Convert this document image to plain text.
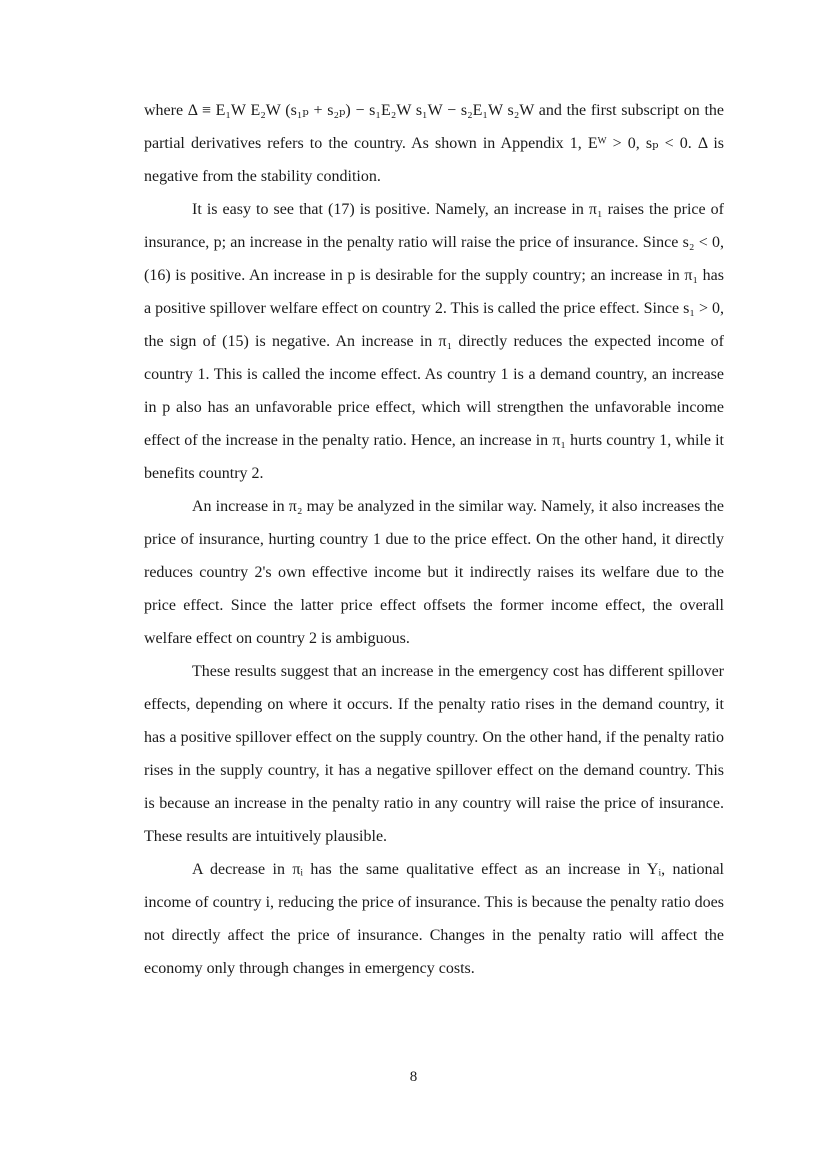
where Δ ≡ E₁W E₂W (s₁ₚ + s₂ₚ) − s₁E₂W s₁W − s₂E₁W s₂W and the first subscript on the partial derivatives refers to the country. As shown in Appendix 1, Eᵂ > 0, sₚ < 0. Δ is negative from the stability condition.

It is easy to see that (17) is positive. Namely, an increase in π₁ raises the price of insurance, p; an increase in the penalty ratio will raise the price of insurance. Since s₂ < 0, (16) is positive. An increase in p is desirable for the supply country; an increase in π₁ has a positive spillover welfare effect on country 2. This is called the price effect. Since s₁ > 0, the sign of (15) is negative. An increase in π₁ directly reduces the expected income of country 1. This is called the income effect. As country 1 is a demand country, an increase in p also has an unfavorable price effect, which will strengthen the unfavorable income effect of the increase in the penalty ratio. Hence, an increase in π₁ hurts country 1, while it benefits country 2.

An increase in π₂ may be analyzed in the similar way. Namely, it also increases the price of insurance, hurting country 1 due to the price effect. On the other hand, it directly reduces country 2's own effective income but it indirectly raises its welfare due to the price effect. Since the latter price effect offsets the former income effect, the overall welfare effect on country 2 is ambiguous.

These results suggest that an increase in the emergency cost has different spillover effects, depending on where it occurs. If the penalty ratio rises in the demand country, it has a positive spillover effect on the supply country. On the other hand, if the penalty ratio rises in the supply country, it has a negative spillover effect on the demand country. This is because an increase in the penalty ratio in any country will raise the price of insurance. These results are intuitively plausible.

A decrease in πᵢ has the same qualitative effect as an increase in Yᵢ, national income of country i, reducing the price of insurance. This is because the penalty ratio does not directly affect the price of insurance. Changes in the penalty ratio will affect the economy only through changes in emergency costs.

8
